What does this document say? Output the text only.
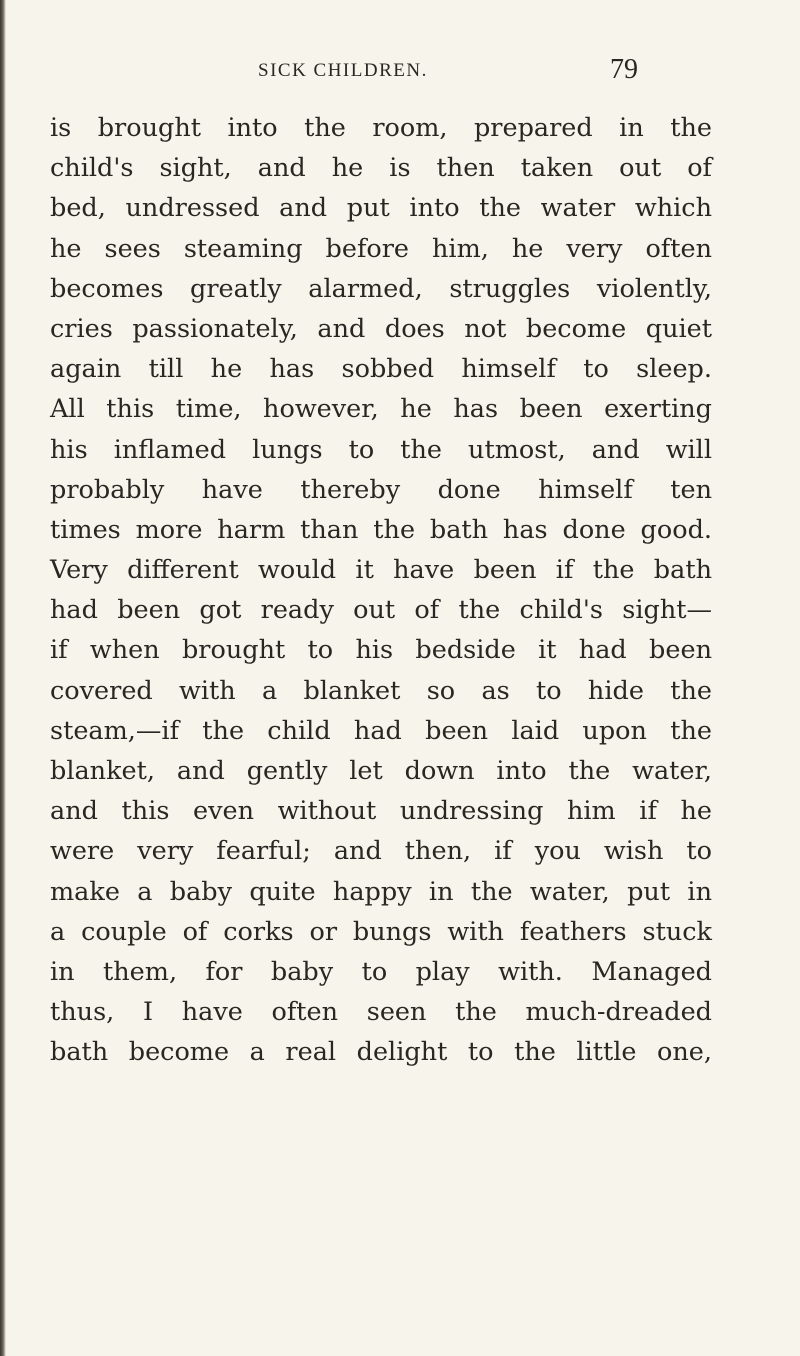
SICK CHILDREN.	79
is brought into the room, prepared in the
child's sight, and he is then taken out of
bed, undressed and put into the water which
he sees steaming before him, he very often
becomes greatly alarmed, struggles violently,
cries passionately, and does not become quiet
again till he has sobbed himself to sleep.
All this time, however, he has been exerting
his inflamed lungs to the utmost, and will
probably have thereby done himself ten
times more harm than the bath has done good.
Very different would it have been if the bath
had been got ready out of the child's sight—
if when brought to his bedside it had been
covered with a blanket so as to hide the
steam,—if the child had been laid upon the
blanket, and gently let down into the water,
and this even without undressing him if he
were very fearful; and then, if you wish to
make a baby quite happy in the water, put in
a couple of corks or bungs with feathers stuck
in them, for baby to play with. Managed
thus, I have often seen the much-dreaded
bath become a real delight to the little one,
